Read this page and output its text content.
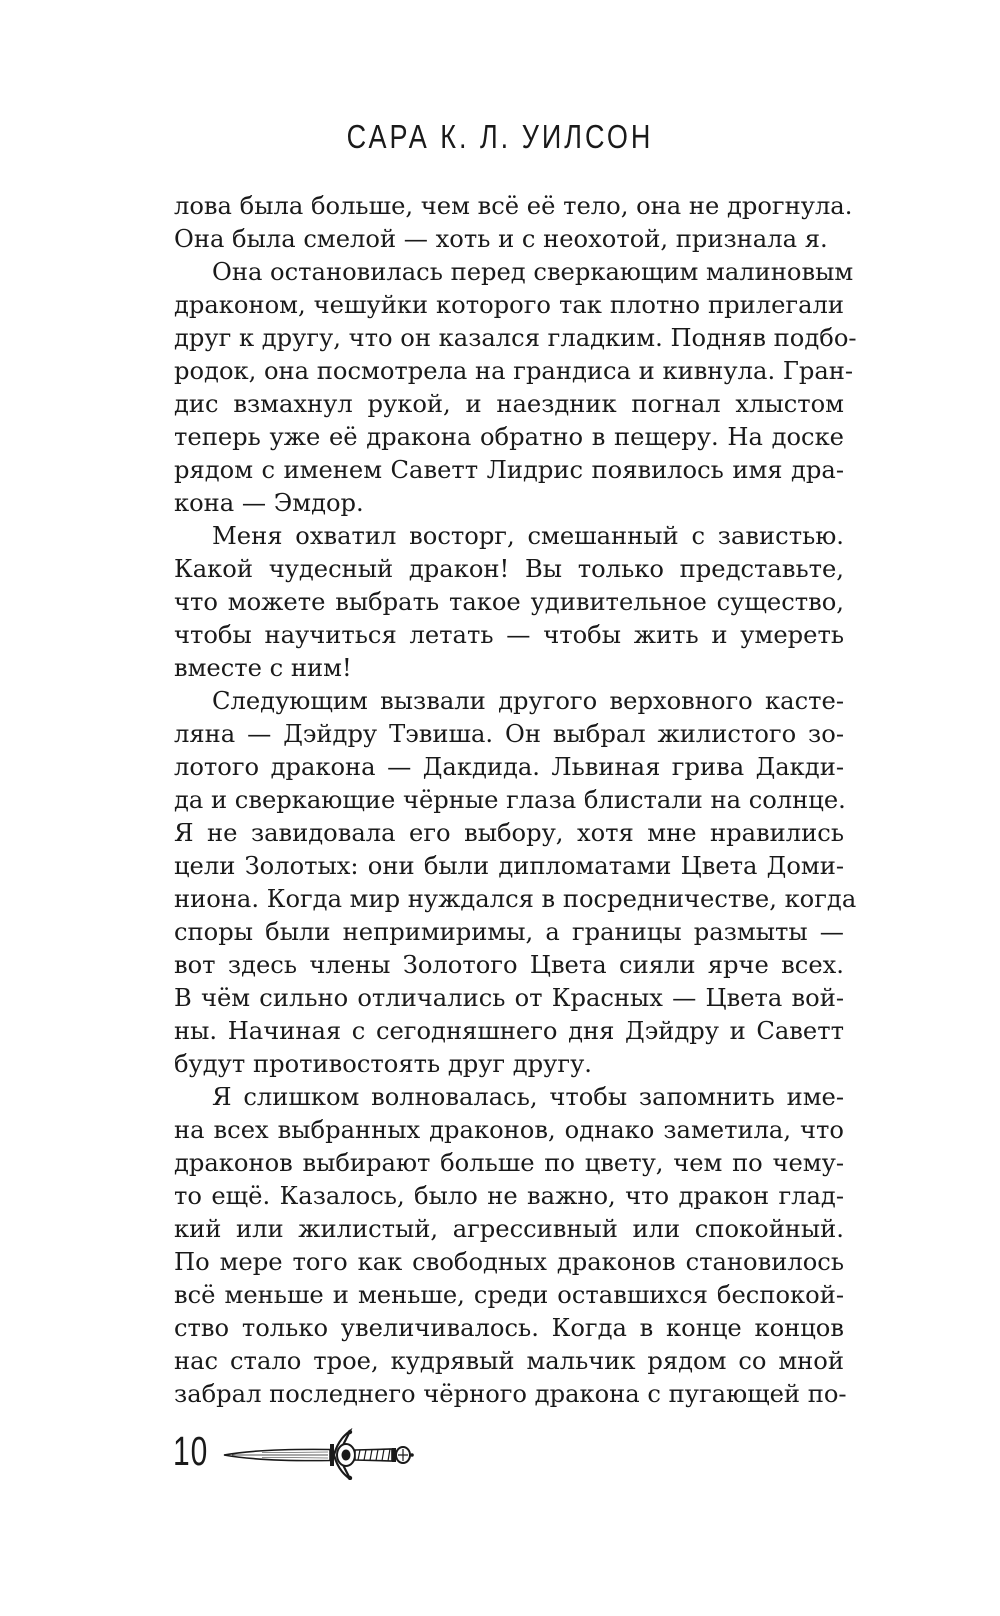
САРА К. Л. УИЛСОН
лова была больше, чем всё её тело, она не дрогнула.
Она была смелой — хоть и с неохотой, признала я.
Она остановилась перед сверкающим малиновым
драконом, чешуйки которого так плотно прилегали
друг к другу, что он казался гладким. Подняв подбо-
родок, она посмотрела на грандиса и кивнула. Гран-
дис взмахнул рукой, и наездник погнал хлыстом
теперь уже её дракона обратно в пещеру. На доске
рядом с именем Саветт Лидрис появилось имя дра-
кона — Эмдор.
Меня охватил восторг, смешанный с завистью.
Какой чудесный дракон! Вы только представьте,
что можете выбрать такое удивительное существо,
чтобы научиться летать — чтобы жить и умереть
вместе с ним!
Следующим вызвали другого верховного касте-
ляна — Дэйдру Тэвиша. Он выбрал жилистого зо-
лотого дракона — Дакдида. Львиная грива Дакди-
да и сверкающие чёрные глаза блистали на солнце.
Я не завидовала его выбору, хотя мне нравились
цели Золотых: они были дипломатами Цвета Доми-
ниона. Когда мир нуждался в посредничестве, когда
споры были непримиримы, а границы размыты —
вот здесь члены Золотого Цвета сияли ярче всех.
В чём сильно отличались от Красных — Цвета вой-
ны. Начиная с сегодняшнего дня Дэйдру и Саветт
будут противостоять друг другу.
Я слишком волновалась, чтобы запомнить име-
на всех выбранных драконов, однако заметила, что
драконов выбирают больше по цвету, чем по чему-
то ещё. Казалось, было не важно, что дракон глад-
кий или жилистый, агрессивный или спокойный.
По мере того как свободных драконов становилось
всё меньше и меньше, среди оставшихся беспокой-
ство только увеличивалось. Когда в конце концов
нас стало трое, кудрявый мальчик рядом со мной
забрал последнего чёрного дракона с пугающей по-
10
